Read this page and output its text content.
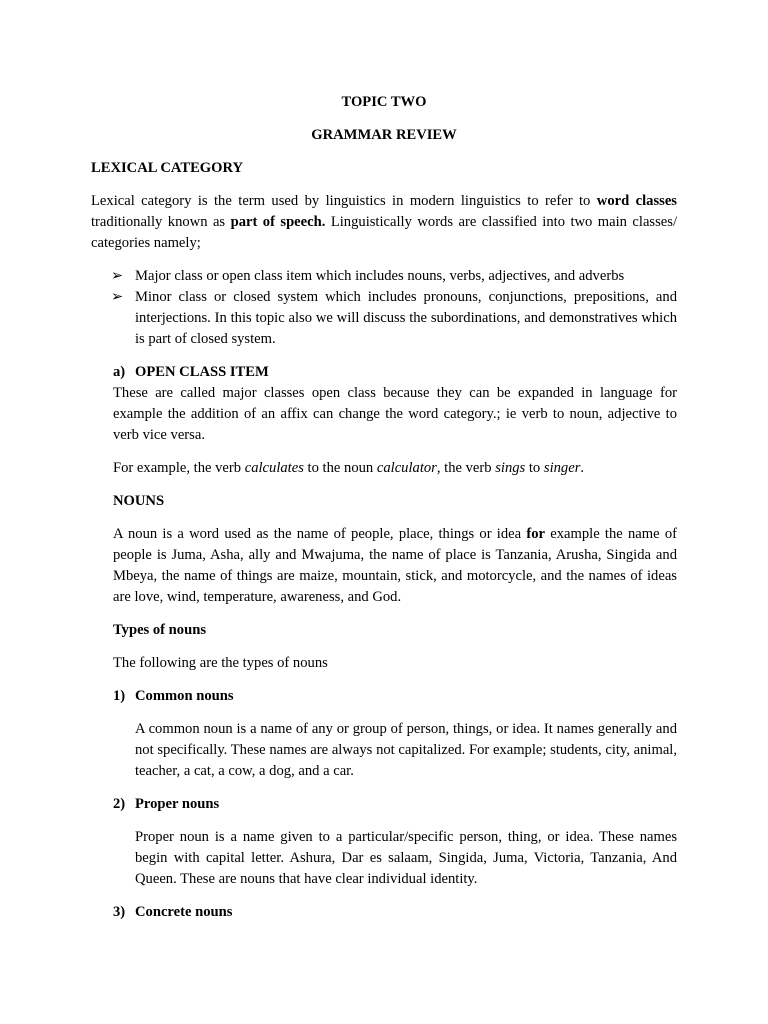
TOPIC TWO

GRAMMAR REVIEW

LEXICAL CATEGORY

Lexical category is the term used by linguistics in modern linguistics to refer to word classes traditionally known as part of speech. Linguistically words are classified into two main classes/ categories namely;

➢ Major class or open class item which includes nouns, verbs, adjectives, and adverbs
➢ Minor class or closed system which includes pronouns, conjunctions, prepositions, and interjections. In this topic also we will discuss the subordinations, and demonstratives which is part of closed system.
a) OPEN CLASS ITEM

These are called major classes open class because they can be expanded in language for example the addition of an affix can change the word category.; ie verb to noun, adjective to verb vice versa.

For example, the verb calculates to the noun calculator, the verb sings to singer.

NOUNS

A noun is a word used as the name of people, place, things or idea for example the name of people is Juma, Asha, ally and Mwajuma, the name of place is Tanzania, Arusha, Singida and Mbeya, the name of things are maize, mountain, stick, and motorcycle, and the names of ideas are love, wind, temperature, awareness, and God.

Types of nouns

The following are the types of nouns

1) Common nouns

A common noun is a name of any or group of person, things, or idea. It names generally and not specifically. These names are always not capitalized. For example; students, city, animal, teacher, a cat, a cow, a dog, and a car.

2) Proper nouns

Proper noun is a name given to a particular/specific person, thing, or idea. These names begin with capital letter. Ashura, Dar es salaam, Singida, Juma, Victoria, Tanzania, And Queen. These are nouns that have clear individual identity.

3) Concrete nouns
